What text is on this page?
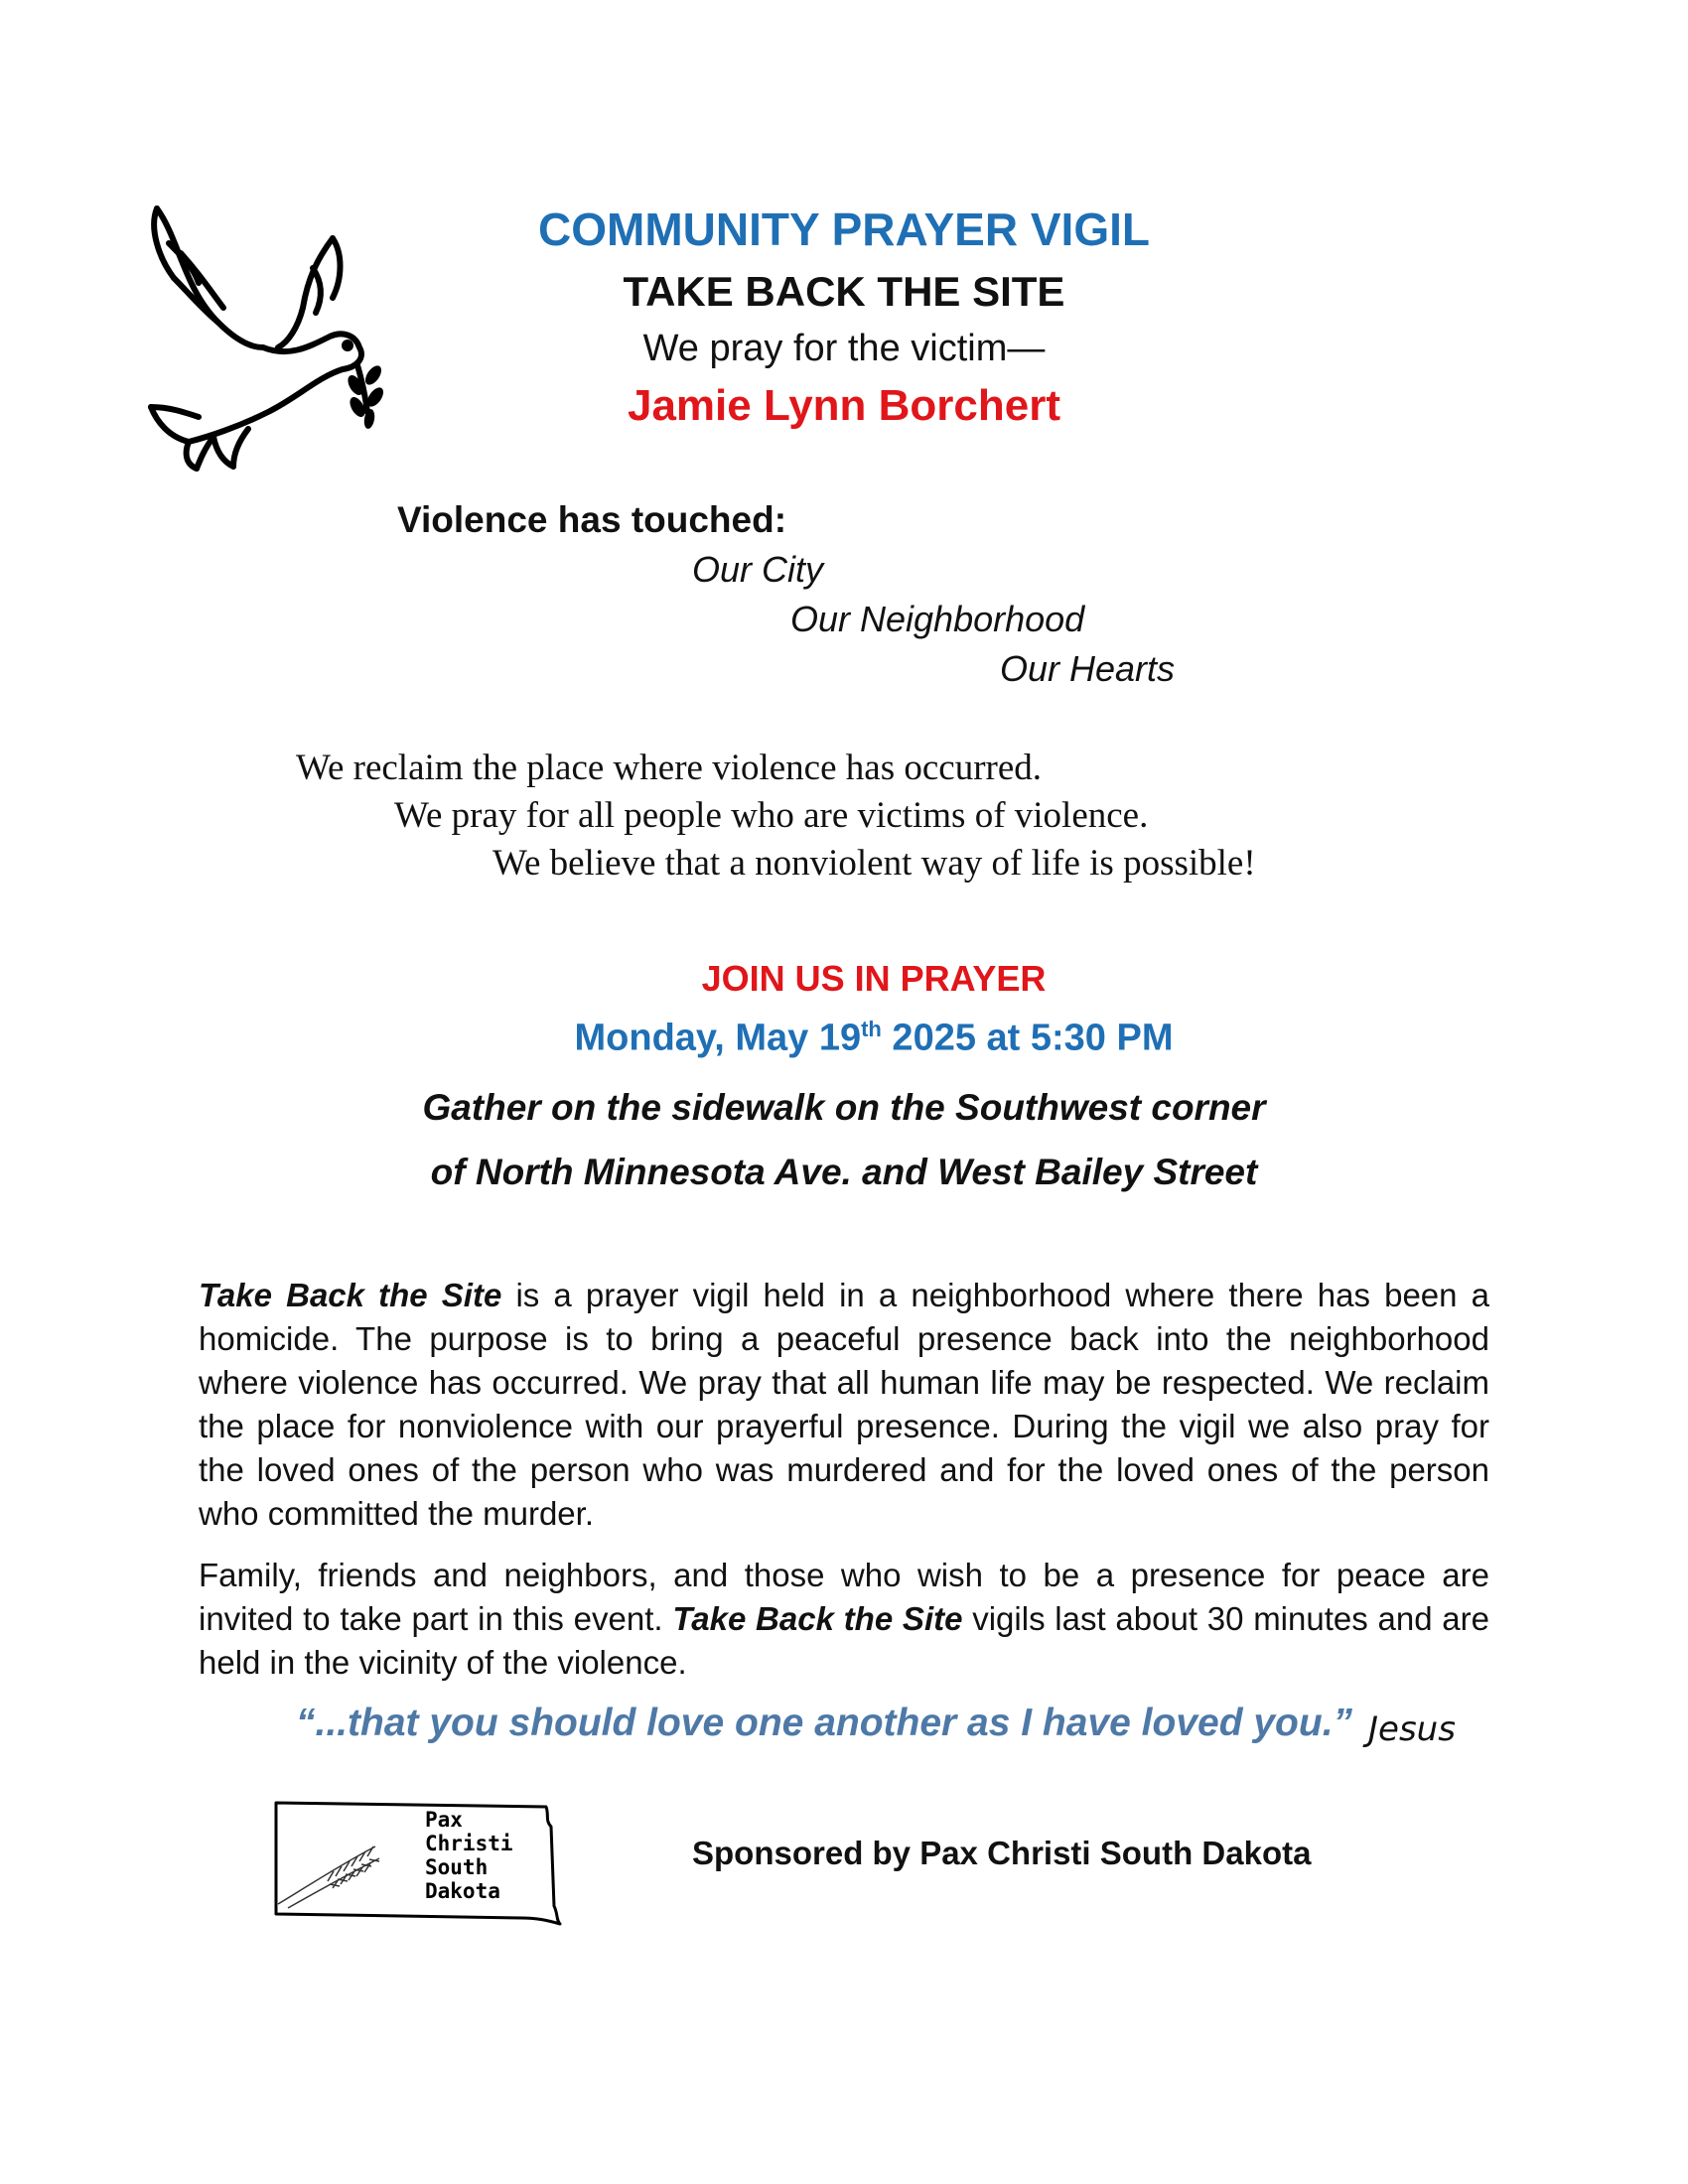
COMMUNITY PRAYER VIGIL
TAKE BACK THE SITE
We pray for the victim—
Jamie Lynn Borchert
Violence has touched:
Our City
Our Neighborhood
Our Hearts
We reclaim the place where violence has occurred.
We pray for all people who are victims of violence.
We believe that a nonviolent way of life is possible!
JOIN US IN PRAYER
Monday, May 19th 2025 at 5:30 PM
Gather on the sidewalk on the Southwest corner
of North Minnesota Ave. and West Bailey Street
Take Back the Site is a prayer vigil held in a neighborhood where there has been a homicide. The purpose is to bring a peaceful presence back into the neighborhood where violence has occurred. We pray that all human life may be respected. We reclaim the place for nonviolence with our prayerful presence. During the vigil we also pray for the loved ones of the person who was murdered and for the loved ones of the person who committed the murder.
Family, friends and neighbors, and those who wish to be a presence for peace are invited to take part in this event. Take Back the Site vigils last about 30 minutes and are held in the vicinity of the violence.
“...that you should love one another as I have loved you.” Jesus
Pax
Christi
South
Dakota
Sponsored by Pax Christi South Dakota
